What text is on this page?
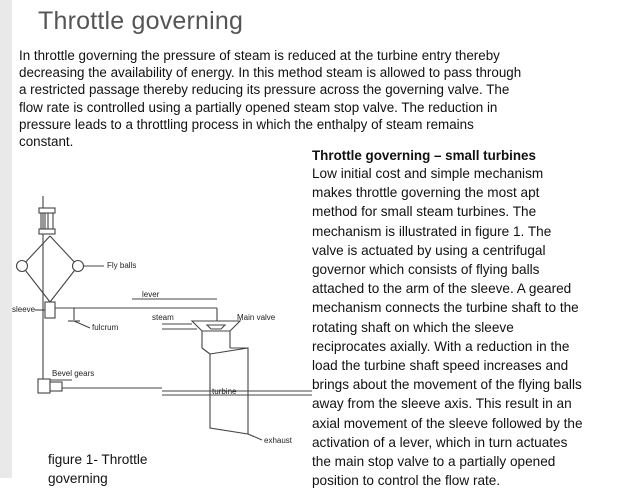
Throttle governing
In throttle governing the pressure of steam is reduced at the turbine entry thereby
decreasing the availability of energy. In this method steam is allowed to pass through
a restricted passage thereby reducing its pressure across the governing valve. The
flow rate is controlled using a partially opened steam stop valve. The reduction in
pressure leads to a throttling process in which the enthalpy of steam remains
constant.
Throttle governing – small turbines
Low initial cost and simple mechanism
makes throttle governing the most apt
method for small steam turbines. The
mechanism is illustrated in figure 1. The
valve is actuated by using a centrifugal
governor which consists of flying balls
attached to the arm of the sleeve. A geared
mechanism connects the turbine shaft to the
rotating shaft on which the sleeve
reciprocates axially. With a reduction in the
load the turbine shaft speed increases and
brings about the movement of the flying balls
away from the sleeve axis. This result in an
axial movement of the sleeve followed by the
activation of a lever, which in turn actuates
the main stop valve to a partially opened
position to control the flow rate.
Fly balls
sleeve
lever
fulcrum
steam	Main valve
Bevel gears
turbine
exhaust
figure 1- Throttle
governing
